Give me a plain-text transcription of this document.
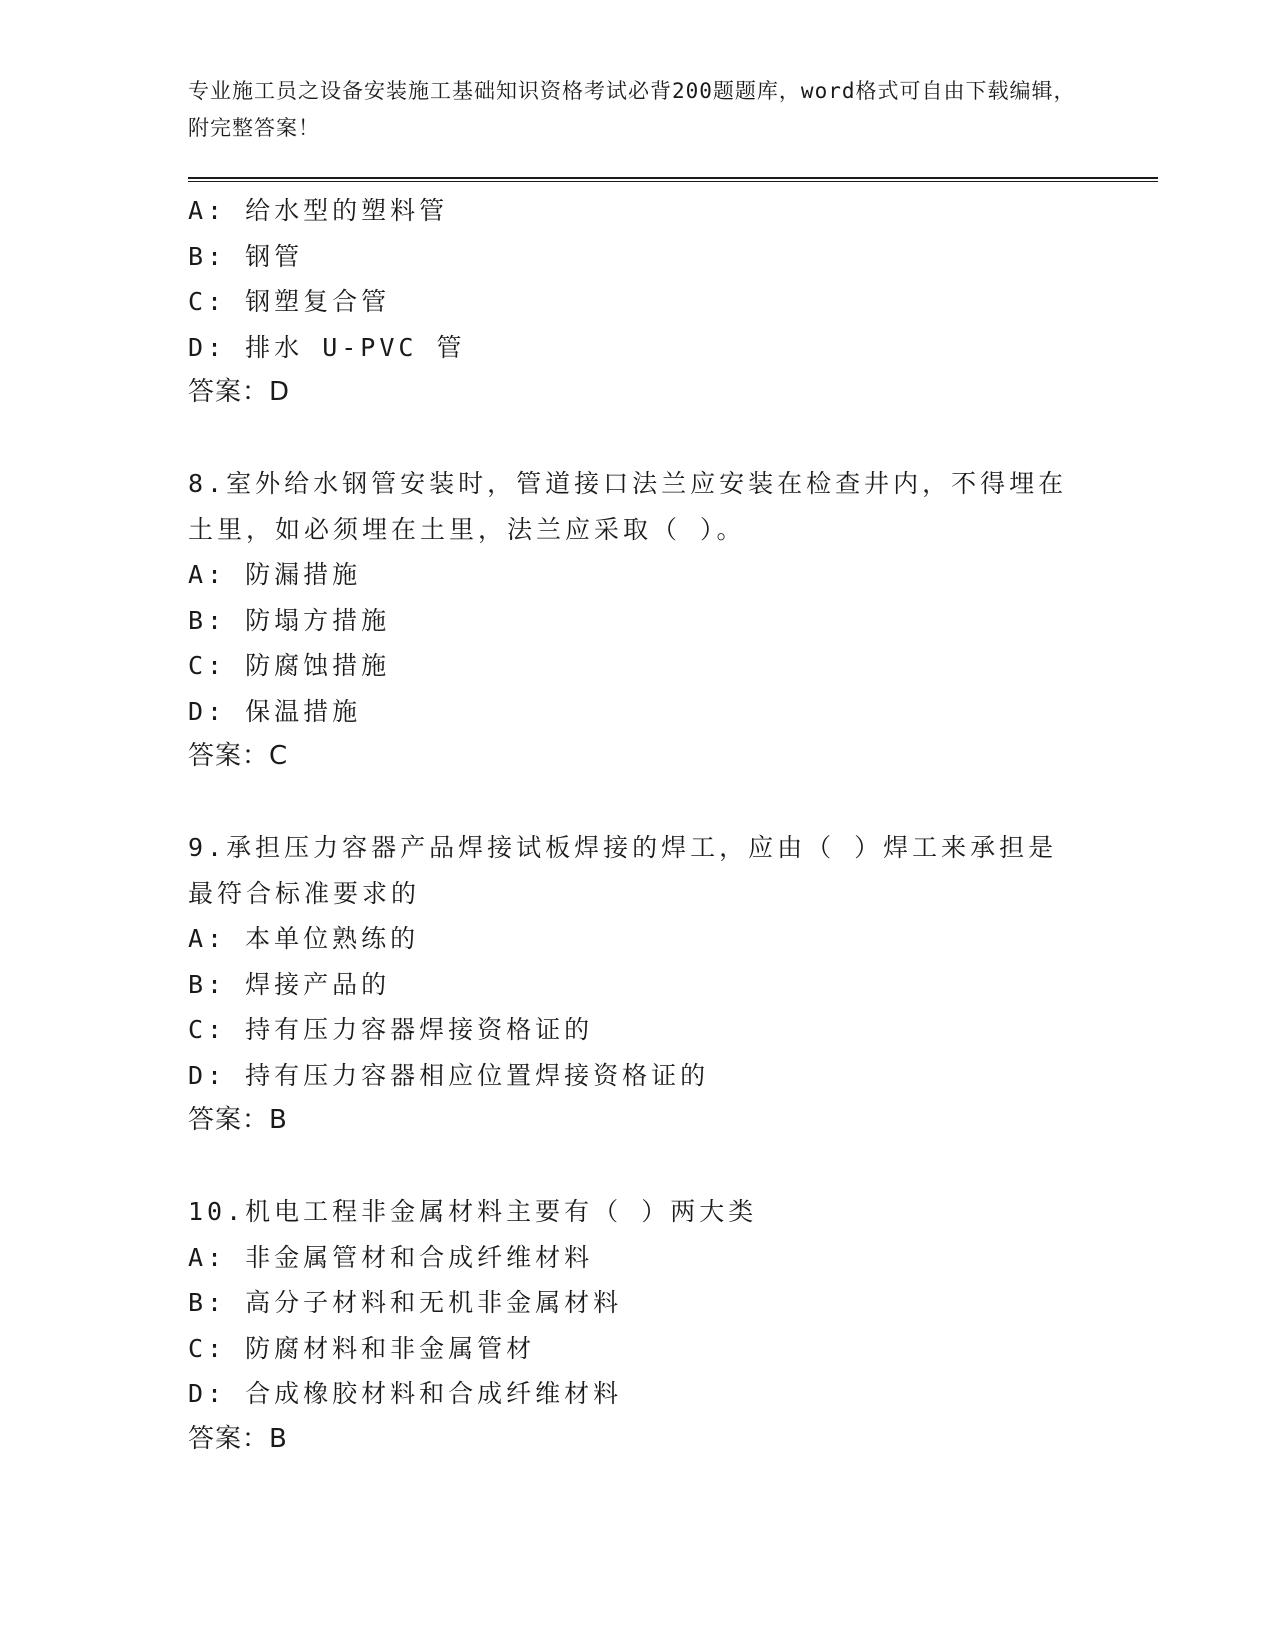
专业施工员之设备安装施工基础知识资格考试必背200题题库，word格式可自由下载编辑，附完整答案！
A: 给水型的塑料管
B: 钢管
C: 钢塑复合管
D: 排水 U-PVC 管
答案：D
8.室外给水钢管安装时，管道接口法兰应安装在检查井内，不得埋在土里，如必须埋在土里，法兰应采取（ ）。
A: 防漏措施
B: 防塌方措施
C: 防腐蚀措施
D: 保温措施
答案：C
9.承担压力容器产品焊接试板焊接的焊工，应由（ ）焊工来承担是最符合标准要求的
A: 本单位熟练的
B: 焊接产品的
C: 持有压力容器焊接资格证的
D: 持有压力容器相应位置焊接资格证的
答案：B
10.机电工程非金属材料主要有（ ）两大类
A: 非金属管材和合成纤维材料
B: 高分子材料和无机非金属材料
C: 防腐材料和非金属管材
D: 合成橡胶材料和合成纤维材料
答案：B
